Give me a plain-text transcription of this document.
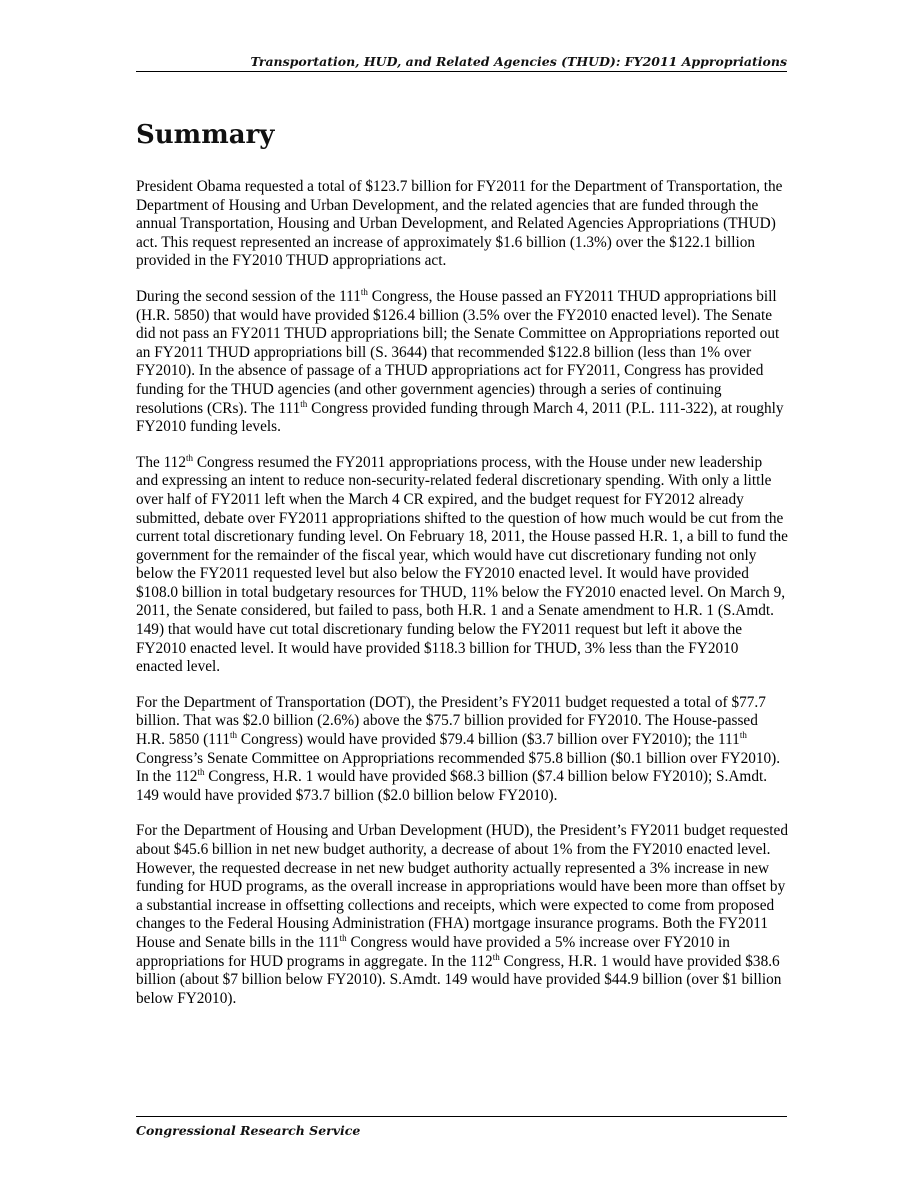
Transportation, HUD, and Related Agencies (THUD): FY2011 Appropriations
Summary

President Obama requested a total of $123.7 billion for FY2011 for the Department of Transportation, the Department of Housing and Urban Development, and the related agencies that are funded through the annual Transportation, Housing and Urban Development, and Related Agencies Appropriations (THUD) act. This request represented an increase of approximately $1.6 billion (1.3%) over the $122.1 billion provided in the FY2010 THUD appropriations act.

During the second session of the 111th Congress, the House passed an FY2011 THUD appropriations bill (H.R. 5850) that would have provided $126.4 billion (3.5% over the FY2010 enacted level). The Senate did not pass an FY2011 THUD appropriations bill; the Senate Committee on Appropriations reported out an FY2011 THUD appropriations bill (S. 3644) that recommended $122.8 billion (less than 1% over FY2010). In the absence of passage of a THUD appropriations act for FY2011, Congress has provided funding for the THUD agencies (and other government agencies) through a series of continuing resolutions (CRs). The 111th Congress provided funding through March 4, 2011 (P.L. 111-322), at roughly FY2010 funding levels.

The 112th Congress resumed the FY2011 appropriations process, with the House under new leadership and expressing an intent to reduce non-security-related federal discretionary spending. With only a little over half of FY2011 left when the March 4 CR expired, and the budget request for FY2012 already submitted, debate over FY2011 appropriations shifted to the question of how much would be cut from the current total discretionary funding level. On February 18, 2011, the House passed H.R. 1, a bill to fund the government for the remainder of the fiscal year, which would have cut discretionary funding not only below the FY2011 requested level but also below the FY2010 enacted level. It would have provided $108.0 billion in total budgetary resources for THUD, 11% below the FY2010 enacted level. On March 9, 2011, the Senate considered, but failed to pass, both H.R. 1 and a Senate amendment to H.R. 1 (S.Amdt. 149) that would have cut total discretionary funding below the FY2011 request but left it above the FY2010 enacted level. It would have provided $118.3 billion for THUD, 3% less than the FY2010 enacted level.

For the Department of Transportation (DOT), the President’s FY2011 budget requested a total of $77.7 billion. That was $2.0 billion (2.6%) above the $75.7 billion provided for FY2010. The House-passed H.R. 5850 (111th Congress) would have provided $79.4 billion ($3.7 billion over FY2010); the 111th Congress’s Senate Committee on Appropriations recommended $75.8 billion ($0.1 billion over FY2010). In the 112th Congress, H.R. 1 would have provided $68.3 billion ($7.4 billion below FY2010); S.Amdt. 149 would have provided $73.7 billion ($2.0 billion below FY2010).

For the Department of Housing and Urban Development (HUD), the President’s FY2011 budget requested about $45.6 billion in net new budget authority, a decrease of about 1% from the FY2010 enacted level. However, the requested decrease in net new budget authority actually represented a 3% increase in new funding for HUD programs, as the overall increase in appropriations would have been more than offset by a substantial increase in offsetting collections and receipts, which were expected to come from proposed changes to the Federal Housing Administration (FHA) mortgage insurance programs. Both the FY2011 House and Senate bills in the 111th Congress would have provided a 5% increase over FY2010 in appropriations for HUD programs in aggregate. In the 112th Congress, H.R. 1 would have provided $38.6 billion (about $7 billion below FY2010). S.Amdt. 149 would have provided $44.9 billion (over $1 billion below FY2010).

Congressional Research Service
